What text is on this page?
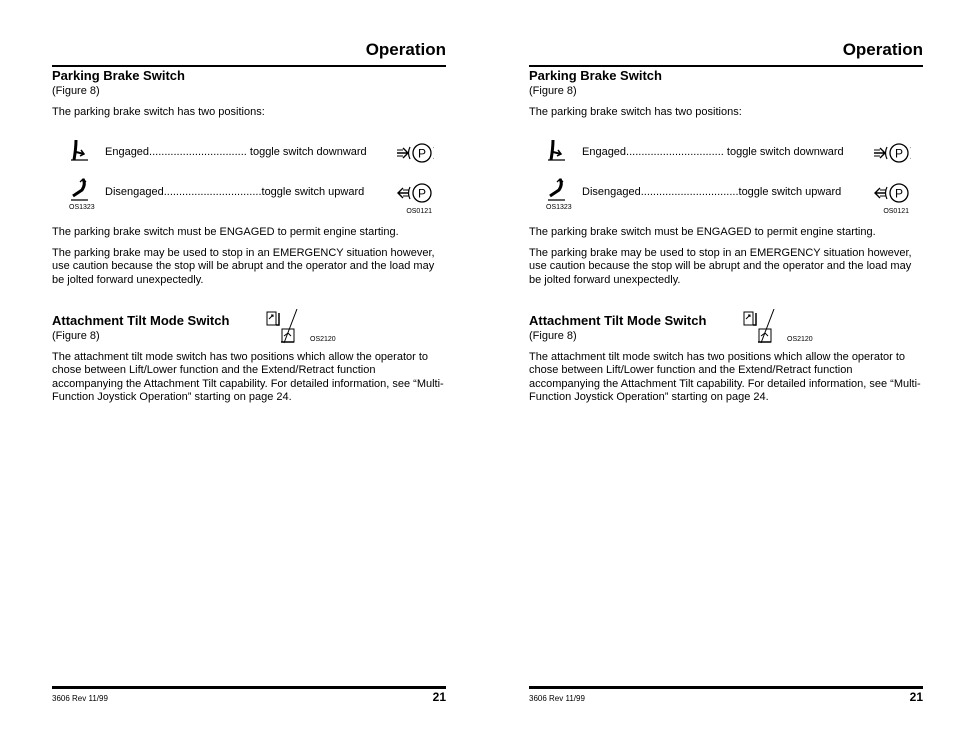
Operation
Parking Brake Switch
(Figure 8)
The parking brake switch has two positions:
Engaged................................ toggle switch downward	P
Disengaged................................toggle switch upward	P
OS1323
OS0121
The parking brake switch must be ENGAGED to permit engine starting.
The parking brake may be used to stop in an EMERGENCY situation however, use caution because the stop will be abrupt and the operator and the load may be jolted forward unexpectedly.
Attachment Tilt Mode Switch
(Figure 8)	OS2120
The attachment tilt mode switch has two positions which allow the operator to chose between Lift/Lower function and the Extend/Retract function accompanying the Attachment Tilt capability. For detailed information, see “Multi-Function Joystick Operation” starting on page 24.
3606 Rev 11/99	21
Operation
Parking Brake Switch
(Figure 8)
The parking brake switch has two positions:
Engaged................................ toggle switch downward	P
Disengaged................................toggle switch upward	P
OS1323
OS0121
The parking brake switch must be ENGAGED to permit engine starting.
The parking brake may be used to stop in an EMERGENCY situation however, use caution because the stop will be abrupt and the operator and the load may be jolted forward unexpectedly.
Attachment Tilt Mode Switch
(Figure 8)	OS2120
The attachment tilt mode switch has two positions which allow the operator to chose between Lift/Lower function and the Extend/Retract function accompanying the Attachment Tilt capability. For detailed information, see “Multi-Function Joystick Operation” starting on page 24.
3606 Rev 11/99	21
